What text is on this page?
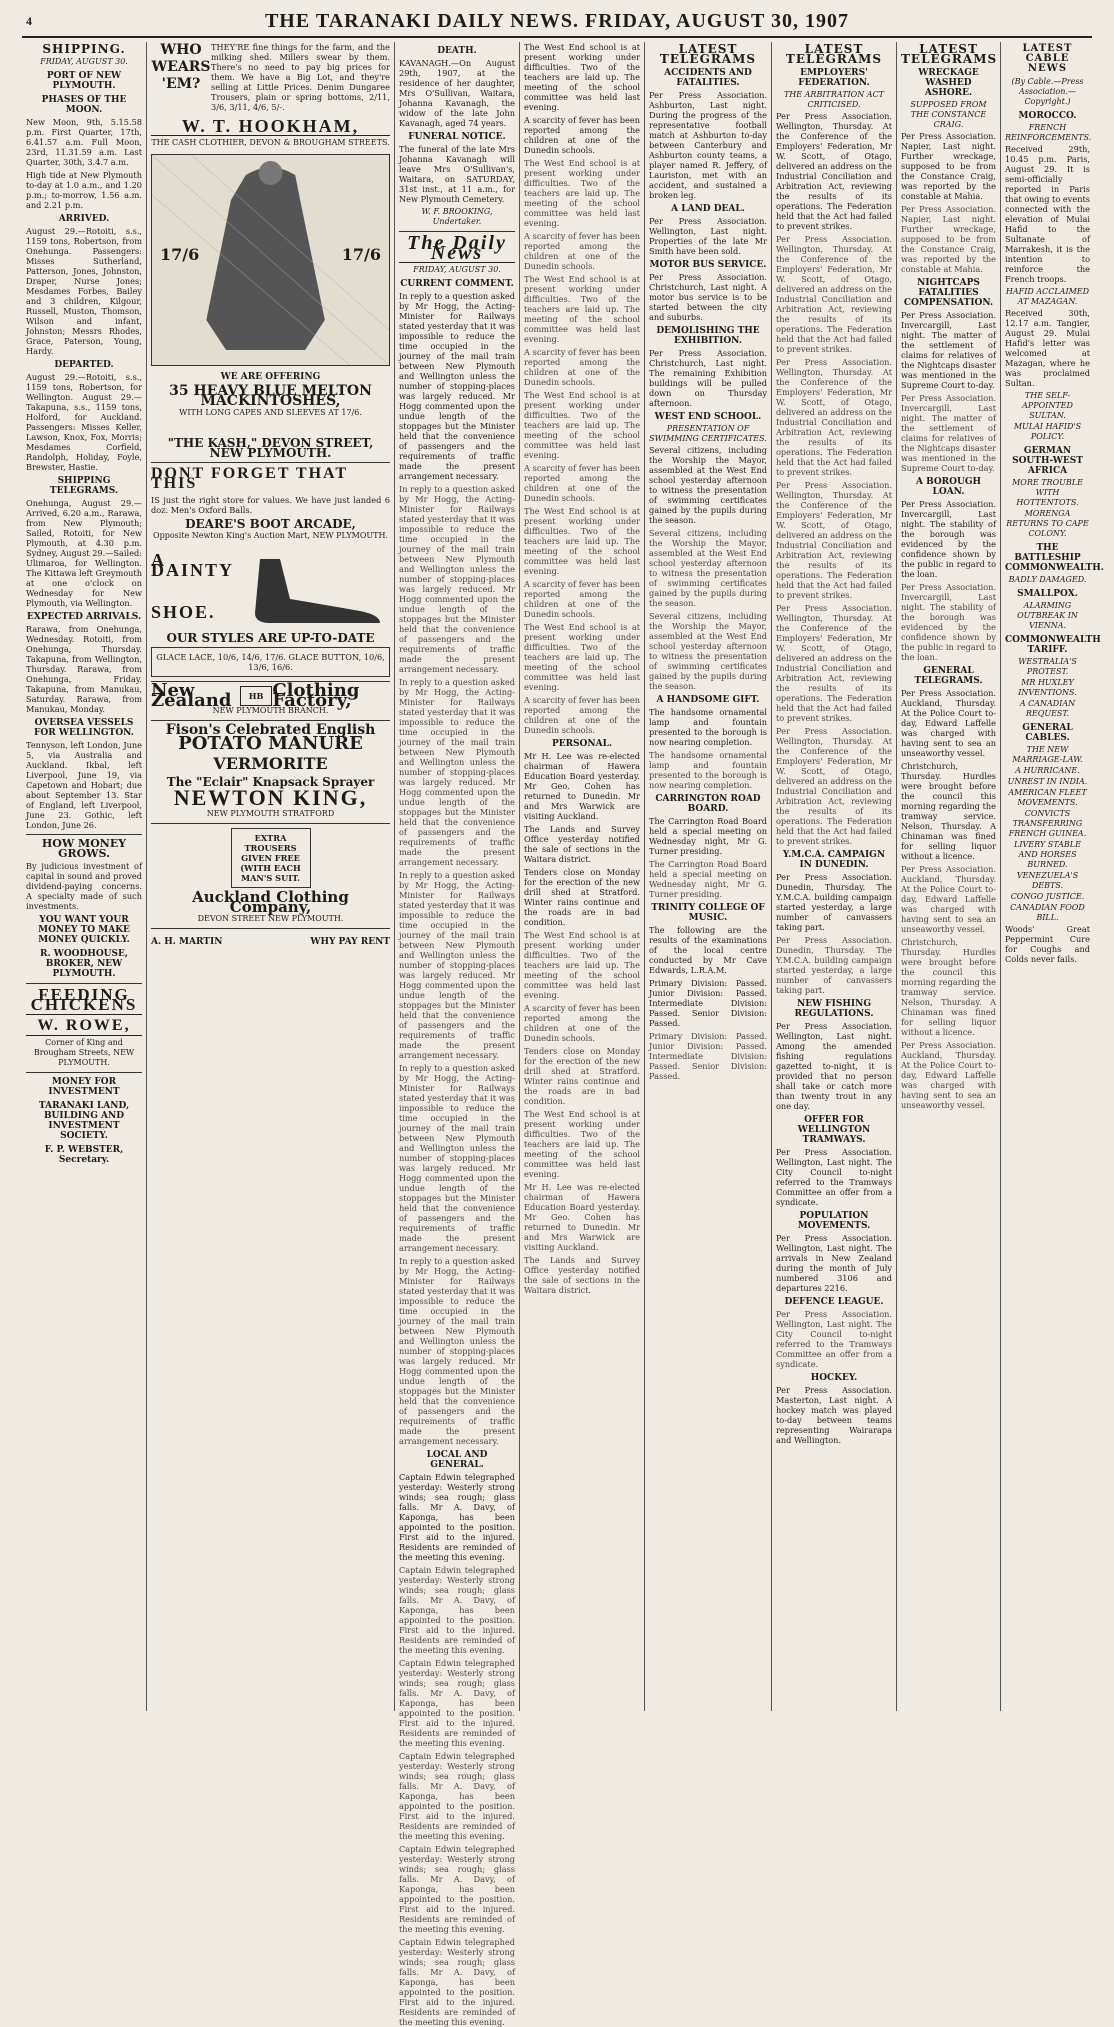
4	THE TARANAKI DAILY NEWS. FRIDAY, AUGUST 30, 1907
SHIPPING.
FRIDAY, AUGUST 30.
PORT OF NEW PLYMOUTH.
PHASES OF THE MOON.

New Moon, 9th, 5.15.58 p.m. First Quarter, 17th, 6.41.57 a.m. Full Moon, 23rd, 11.31.59 a.m. Last Quarter, 30th, 3.4.7 a.m.

High tide at New Plymouth to-day at 1.0 a.m., and 1.20 p.m.; to-morrow, 1.56 a.m. and 2.21 p.m.

ARRIVED.

August 29.—Rotoiti, s.s., 1159 tons, Robertson, from Onehunga. Passengers: Misses Sutherland, Patterson, Jones, Johnston, Draper, Nurse Jones; Mesdames Forbes, Bailey and 3 children, Kilgour, Russell, Muston, Thomson, Wilson and infant, Johnston; Messrs Rhodes, Grace, Paterson, Young, Hardy.

DEPARTED.

August 29.—Rotoiti, s.s., 1159 tons, Robertson, for Wellington. August 29.—Takapuna, s.s., 1159 tons, Holford, for Auckland. Passengers: Misses Keller, Lawson, Knox, Fox, Morris; Mesdames Corfield, Randolph, Holiday, Foyle, Brewster, Hastie.

SHIPPING TELEGRAMS.

Onehunga, August 29.—Arrived, 6.20 a.m., Rarawa, from New Plymouth; Sailed, Rotoiti, for New Plymouth, at 4.30 p.m. Sydney, August 29.—Sailed: Ulimaroa, for Wellington. The Kittawa left Greymouth at one o'clock on Wednesday for New Plymouth, via Wellington.

EXPECTED ARRIVALS.

Rarawa, from Onehunga, Wednesday. Rotoiti, from Onehunga, Thursday. Takapuna, from Wellington, Thursday. Rarawa, from Onehunga, Friday. Takapuna, from Manukau, Saturday. Rarawa, from Manukau, Monday.

OVERSEA VESSELS FOR WELLINGTON.

Tennyson, left London, June 5, via Australia and Auckland. Ikbal, left Liverpool, June 19, via Capetown and Hobart; due about September 13. Star of England, left Liverpool, June 23. Gothic, left London, June 26.

HOW MONEY GROWS.

By judicious investment of capital in sound and proved dividend-paying concerns. A specialty made of such investments.

YOU WANT YOUR MONEY TO MAKE MONEY QUICKLY.
R. WOODHOUSE, BROKER, NEW PLYMOUTH.
FEEDING CHICKENS
W. ROWE,
Corner of King and Brougham Streets, NEW PLYMOUTH.
MONEY FOR INVESTMENT
TARANAKI LAND, BUILDING AND INVESTMENT SOCIETY.
F. P. WEBSTER, Secretary.
WHO WEARS 'EM?

THEY'RE fine things for the farm, and the milking shed. Millers swear by them. There's no need to pay big prices for them. We have a Big Lot, and they're selling at Little Prices. Denim Dungaree Trousers, plain or spring bottoms, 2/11, 3/6, 3/11, 4/6, 5/-.

W. T. HOOKHAM,
THE CASH CLOTHIER, DEVON & BROUGHAM STREETS.
17/6	17/6
WE ARE OFFERING
35 HEAVY BLUE MELTON MACKINTOSHES,
WITH LONG CAPES AND SLEEVES AT 17/6.
"THE KASH," DEVON STREET, NEW PLYMOUTH.
DONT FORGET THAT THIS

IS just the right store for values. We have just landed 6 doz. Men's Oxford Balls.

DEARE'S BOOT ARCADE,
Opposite Newton King's Auction Mart, NEW PLYMOUTH.
A DAINTY
SHOE.
OUR STYLES ARE UP-TO-DATE
GLACE LACE, 10/6, 14/6, 17/6. GLACE BUTTON, 10/6, 13/6, 16/6.
New Zealand	HB Clothing Factory,
NEW PLYMOUTH BRANCH.
Fison's Celebrated English
POTATO MANURE
VERMORITE
The "Eclair" Knapsack Sprayer
NEWTON KING,
NEW PLYMOUTH STRATFORD
EXTRA TROUSERS GIVEN FREE (WITH EACH MAN'S SUIT.
Auckland Clothing Company,
DEVON STREET NEW PLYMOUTH.
A. H. MARTIN	WHY PAY RENT
DEATH.

KAVANAGH.—On August 29th, 1907, at the residence of her daughter, Mrs O'Sullivan, Waitara, Johanna Kavanagh, the widow of the late John Kavanagh, aged 74 years.

FUNERAL NOTICE.

The funeral of the late Mrs Johanna Kavanagh will leave Mrs O'Sullivan's, Waitara, on SATURDAY, 31st inst., at 11 a.m., for New Plymouth Cemetery.

W. F. BROOKING, Undertaker.
The Daily News
FRIDAY, AUGUST 30.
CURRENT COMMENT.

In reply to a question asked by Mr Hogg, the Acting-Minister for Railways stated yesterday that it was impossible to reduce the time occupied in the journey of the mail train between New Plymouth and Wellington unless the number of stopping-places was largely reduced. Mr Hogg commented upon the undue length of the stoppages but the Minister held that the convenience of passengers and the requirements of traffic made the present arrangement necessary.

In reply to a question asked by Mr Hogg, the Acting-Minister for Railways stated yesterday that it was impossible to reduce the time occupied in the journey of the mail train between New Plymouth and Wellington unless the number of stopping-places was largely reduced. Mr Hogg commented upon the undue length of the stoppages but the Minister held that the convenience of passengers and the requirements of traffic made the present arrangement necessary.

In reply to a question asked by Mr Hogg, the Acting-Minister for Railways stated yesterday that it was impossible to reduce the time occupied in the journey of the mail train between New Plymouth and Wellington unless the number of stopping-places was largely reduced. Mr Hogg commented upon the undue length of the stoppages but the Minister held that the convenience of passengers and the requirements of traffic made the present arrangement necessary.

In reply to a question asked by Mr Hogg, the Acting-Minister for Railways stated yesterday that it was impossible to reduce the time occupied in the journey of the mail train between New Plymouth and Wellington unless the number of stopping-places was largely reduced. Mr Hogg commented upon the undue length of the stoppages but the Minister held that the convenience of passengers and the requirements of traffic made the present arrangement necessary.

In reply to a question asked by Mr Hogg, the Acting-Minister for Railways stated yesterday that it was impossible to reduce the time occupied in the journey of the mail train between New Plymouth and Wellington unless the number of stopping-places was largely reduced. Mr Hogg commented upon the undue length of the stoppages but the Minister held that the convenience of passengers and the requirements of traffic made the present arrangement necessary.

In reply to a question asked by Mr Hogg, the Acting-Minister for Railways stated yesterday that it was impossible to reduce the time occupied in the journey of the mail train between New Plymouth and Wellington unless the number of stopping-places was largely reduced. Mr Hogg commented upon the undue length of the stoppages but the Minister held that the convenience of passengers and the requirements of traffic made the present arrangement necessary.

LOCAL AND GENERAL.

Captain Edwin telegraphed yesterday: Westerly strong winds; sea rough; glass falls. Mr A. Davy, of Kaponga, has been appointed to the position. First aid to the injured. Residents are reminded of the meeting this evening.

Captain Edwin telegraphed yesterday: Westerly strong winds; sea rough; glass falls. Mr A. Davy, of Kaponga, has been appointed to the position. First aid to the injured. Residents are reminded of the meeting this evening.

Captain Edwin telegraphed yesterday: Westerly strong winds; sea rough; glass falls. Mr A. Davy, of Kaponga, has been appointed to the position. First aid to the injured. Residents are reminded of the meeting this evening.

Captain Edwin telegraphed yesterday: Westerly strong winds; sea rough; glass falls. Mr A. Davy, of Kaponga, has been appointed to the position. First aid to the injured. Residents are reminded of the meeting this evening.

Captain Edwin telegraphed yesterday: Westerly strong winds; sea rough; glass falls. Mr A. Davy, of Kaponga, has been appointed to the position. First aid to the injured. Residents are reminded of the meeting this evening.

Captain Edwin telegraphed yesterday: Westerly strong winds; sea rough; glass falls. Mr A. Davy, of Kaponga, has been appointed to the position. First aid to the injured. Residents are reminded of the meeting this evening.

The West End school is at present working under difficulties. Two of the teachers are laid up. The meeting of the school committee was held last evening.

A scarcity of fever has been reported among the children at one of the Dunedin schools.

The West End school is at present working under difficulties. Two of the teachers are laid up. The meeting of the school committee was held last evening.

A scarcity of fever has been reported among the children at one of the Dunedin schools.

The West End school is at present working under difficulties. Two of the teachers are laid up. The meeting of the school committee was held last evening.

A scarcity of fever has been reported among the children at one of the Dunedin schools.

The West End school is at present working under difficulties. Two of the teachers are laid up. The meeting of the school committee was held last evening.

A scarcity of fever has been reported among the children at one of the Dunedin schools.

The West End school is at present working under difficulties. Two of the teachers are laid up. The meeting of the school committee was held last evening.

A scarcity of fever has been reported among the children at one of the Dunedin schools.

The West End school is at present working under difficulties. Two of the teachers are laid up. The meeting of the school committee was held last evening.

A scarcity of fever has been reported among the children at one of the Dunedin schools.

PERSONAL.

Mr H. Lee was re-elected chairman of Hawera Education Board yesterday. Mr Geo. Cohen has returned to Dunedin. Mr and Mrs Warwick are visiting Auckland.

The Lands and Survey Office yesterday notified the sale of sections in the Waitara district.

Tenders close on Monday for the erection of the new drill shed at Stratford. Winter rains continue and the roads are in bad condition.

The West End school is at present working under difficulties. Two of the teachers are laid up. The meeting of the school committee was held last evening.

A scarcity of fever has been reported among the children at one of the Dunedin schools.

Tenders close on Monday for the erection of the new drill shed at Stratford. Winter rains continue and the roads are in bad condition.

The West End school is at present working under difficulties. Two of the teachers are laid up. The meeting of the school committee was held last evening.

Mr H. Lee was re-elected chairman of Hawera Education Board yesterday. Mr Geo. Cohen has returned to Dunedin. Mr and Mrs Warwick are visiting Auckland.

The Lands and Survey Office yesterday notified the sale of sections in the Waitara district.

LATEST TELEGRAMS
ACCIDENTS AND FATALITIES.

Per Press Association. Ashburton, Last night. During the progress of the representative football match at Ashburton to-day between Canterbury and Ashburton county teams, a player named R. Jeffery, of Lauriston, met with an accident, and sustained a broken leg.

A LAND DEAL.

Per Press Association. Wellington, Last night. Properties of the late Mr Smith have been sold.

MOTOR BUS SERVICE.

Per Press Association. Christchurch, Last night. A motor bus service is to be started between the city and suburbs.

DEMOLISHING THE EXHIBITION.

Per Press Association. Christchurch, Last night. The remaining Exhibition buildings will be pulled down on Thursday afternoon.

WEST END SCHOOL.
PRESENTATION OF SWIMMING CERTIFICATES.

Several citizens, including the Worship the Mayor, assembled at the West End school yesterday afternoon to witness the presentation of swimming certificates gained by the pupils during the season.

Several citizens, including the Worship the Mayor, assembled at the West End school yesterday afternoon to witness the presentation of swimming certificates gained by the pupils during the season.

Several citizens, including the Worship the Mayor, assembled at the West End school yesterday afternoon to witness the presentation of swimming certificates gained by the pupils during the season.

A HANDSOME GIFT.

The handsome ornamental lamp and fountain presented to the borough is now nearing completion.

The handsome ornamental lamp and fountain presented to the borough is now nearing completion.

CARRINGTON ROAD BOARD.

The Carrington Road Board held a special meeting on Wednesday night, Mr G. Turner presiding.

The Carrington Road Board held a special meeting on Wednesday night, Mr G. Turner presiding.

TRINITY COLLEGE OF MUSIC.

The following are the results of the examinations of the local centre conducted by Mr Cave Edwards, L.R.A.M.

Primary Division: Passed. Junior Division: Passed. Intermediate Division: Passed. Senior Division: Passed.

Primary Division: Passed. Junior Division: Passed. Intermediate Division: Passed. Senior Division: Passed.

LATEST TELEGRAMS
EMPLOYERS' FEDERATION.
THE ARBITRATION ACT CRITICISED.

Per Press Association. Wellington, Thursday. At the Conference of the Employers' Federation, Mr W. Scott, of Otago, delivered an address on the Industrial Conciliation and Arbitration Act, reviewing the results of its operations. The Federation held that the Act had failed to prevent strikes.

Per Press Association. Wellington, Thursday. At the Conference of the Employers' Federation, Mr W. Scott, of Otago, delivered an address on the Industrial Conciliation and Arbitration Act, reviewing the results of its operations. The Federation held that the Act had failed to prevent strikes.

Per Press Association. Wellington, Thursday. At the Conference of the Employers' Federation, Mr W. Scott, of Otago, delivered an address on the Industrial Conciliation and Arbitration Act, reviewing the results of its operations. The Federation held that the Act had failed to prevent strikes.

Per Press Association. Wellington, Thursday. At the Conference of the Employers' Federation, Mr W. Scott, of Otago, delivered an address on the Industrial Conciliation and Arbitration Act, reviewing the results of its operations. The Federation held that the Act had failed to prevent strikes.

Per Press Association. Wellington, Thursday. At the Conference of the Employers' Federation, Mr W. Scott, of Otago, delivered an address on the Industrial Conciliation and Arbitration Act, reviewing the results of its operations. The Federation held that the Act had failed to prevent strikes.

Per Press Association. Wellington, Thursday. At the Conference of the Employers' Federation, Mr W. Scott, of Otago, delivered an address on the Industrial Conciliation and Arbitration Act, reviewing the results of its operations. The Federation held that the Act had failed to prevent strikes.

Y.M.C.A. CAMPAIGN IN DUNEDIN.

Per Press Association. Dunedin, Thursday. The Y.M.C.A. building campaign started yesterday, a large number of canvassers taking part.

Per Press Association. Dunedin, Thursday. The Y.M.C.A. building campaign started yesterday, a large number of canvassers taking part.

NEW FISHING REGULATIONS.

Per Press Association. Wellington, Last night. Among the amended fishing regulations gazetted to-night, it is provided that no person shall take or catch more than twenty trout in any one day.

OFFER FOR WELLINGTON TRAMWAYS.

Per Press Association. Wellington, Last night. The City Council to-night referred to the Tramways Committee an offer from a syndicate.

POPULATION MOVEMENTS.

Per Press Association. Wellington, Last night. The arrivals in New Zealand during the month of July numbered 3106 and departures 2216.

DEFENCE LEAGUE.

Per Press Association. Wellington, Last night. The City Council to-night referred to the Tramways Committee an offer from a syndicate.

HOCKEY.

Per Press Association. Masterton, Last night. A hockey match was played to-day between teams representing Wairarapa and Wellington.

LATEST TELEGRAMS
WRECKAGE WASHED ASHORE.
SUPPOSED FROM THE CONSTANCE CRAIG.

Per Press Association. Napier, Last night. Further wreckage, supposed to be from the Constance Craig, was reported by the constable at Mahia.

Per Press Association. Napier, Last night. Further wreckage, supposed to be from the Constance Craig, was reported by the constable at Mahia.

NIGHTCAPS FATALITIES COMPENSATION.

Per Press Association. Invercargill, Last night. The matter of the settlement of claims for relatives of the Nightcaps disaster was mentioned in the Supreme Court to-day.

Per Press Association. Invercargill, Last night. The matter of the settlement of claims for relatives of the Nightcaps disaster was mentioned in the Supreme Court to-day.

A BOROUGH LOAN.

Per Press Association. Invercargill, Last night. The stability of the borough was evidenced by the confidence shown by the public in regard to the loan.

Per Press Association. Invercargill, Last night. The stability of the borough was evidenced by the confidence shown by the public in regard to the loan.

GENERAL TELEGRAMS.

Per Press Association. Auckland, Thursday. At the Police Court to-day, Edward Laffelle was charged with having sent to sea an unseaworthy vessel.

Christchurch, Thursday. Hurdles were brought before the council this morning regarding the tramway service. Nelson, Thursday. A Chinaman was fined for selling liquor without a licence.

Per Press Association. Auckland, Thursday. At the Police Court to-day, Edward Laffelle was charged with having sent to sea an unseaworthy vessel.

Christchurch, Thursday. Hurdles were brought before the council this morning regarding the tramway service. Nelson, Thursday. A Chinaman was fined for selling liquor without a licence.

Per Press Association. Auckland, Thursday. At the Police Court to-day, Edward Laffelle was charged with having sent to sea an unseaworthy vessel.

LATEST CABLE NEWS
(By Cable.—Press Association.—Copyright.)
MOROCCO.
FRENCH REINFORCEMENTS.

Received 29th, 10.45 p.m. Paris, August 29. It is semi-officially reported in Paris that owing to events connected with the elevation of Mulai Hafid to the Sultanate of Marrakesh, it is the intention to reinforce the French troops.

HAFID ACCLAIMED AT MAZAGAN.

Received 30th, 12.17 a.m. Tangier, August 29. Mulai Hafid's letter was welcomed at Mazagan, where he was proclaimed Sultan.

THE SELF-APPOINTED SULTAN.
MULAI HAFID'S POLICY.
GERMAN SOUTH-WEST AFRICA
MORE TROUBLE WITH HOTTENTOTS.
MORENGA RETURNS TO CAPE COLONY.
THE BATTLESHIP COMMONWEALTH.
BADLY DAMAGED.
SMALLPOX.
ALARMING OUTBREAK IN VIENNA.
COMMONWEALTH TARIFF.
WESTRALIA'S PROTEST.
MR HUXLEY INVENTIONS.
A CANADIAN REQUEST.
GENERAL CABLES.
THE NEW MARRIAGE-LAW.
A HURRICANE.
UNREST IN INDIA.
AMERICAN FLEET MOVEMENTS.
CONVICTS TRANSFERRING FRENCH GUINEA.
LIVERY STABLE AND HORSES BURNED.
VENEZUELA'S DEBTS.
CONGO JUSTICE.
CANADIAN FOOD BILL.

Woods' Great Peppermint Cure for Coughs and Colds never fails.
